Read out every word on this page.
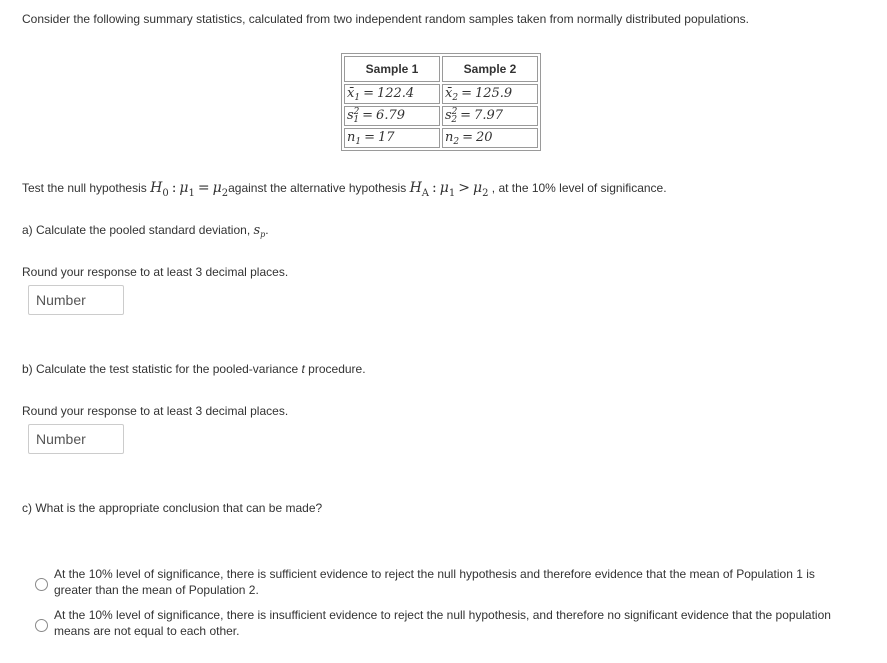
Consider the following summary statistics, calculated from two independent random samples taken from normally distributed populations.
Sample 1	Sample 2
$x̄_1 = 122.4$	$x̄_2 = 125.9$
$s^2_1 = 6.79$	$s^2_2 = 7.97$
$n_1 = 17$	$n_2 = 20$
Test the null hypothesis $H_0$ : $\mu_1$ = $\mu_2against$ the alternative hypothesis $H_A$ : $\mu_1 > \mu_2$ , at the 10% level of significance.
a) Calculate the pooled standard deviation, $s_p$.
Round your response to at least 3 decimal places.
Number
b) Calculate the test statistic for the pooled-variance t procedure.
Round your response to at least 3 decimal places.
Number
c) What is the appropriate conclusion that can be made?
At the 10% level of significance, there is sufficient evidence to reject the null hypothesis and therefore evidence that the mean of Population 1 is greater than the mean of Population 2.
At the 10% level of significance, there is insufficient evidence to reject the null hypothesis, and therefore no significant evidence that the population means are not equal to each other.
